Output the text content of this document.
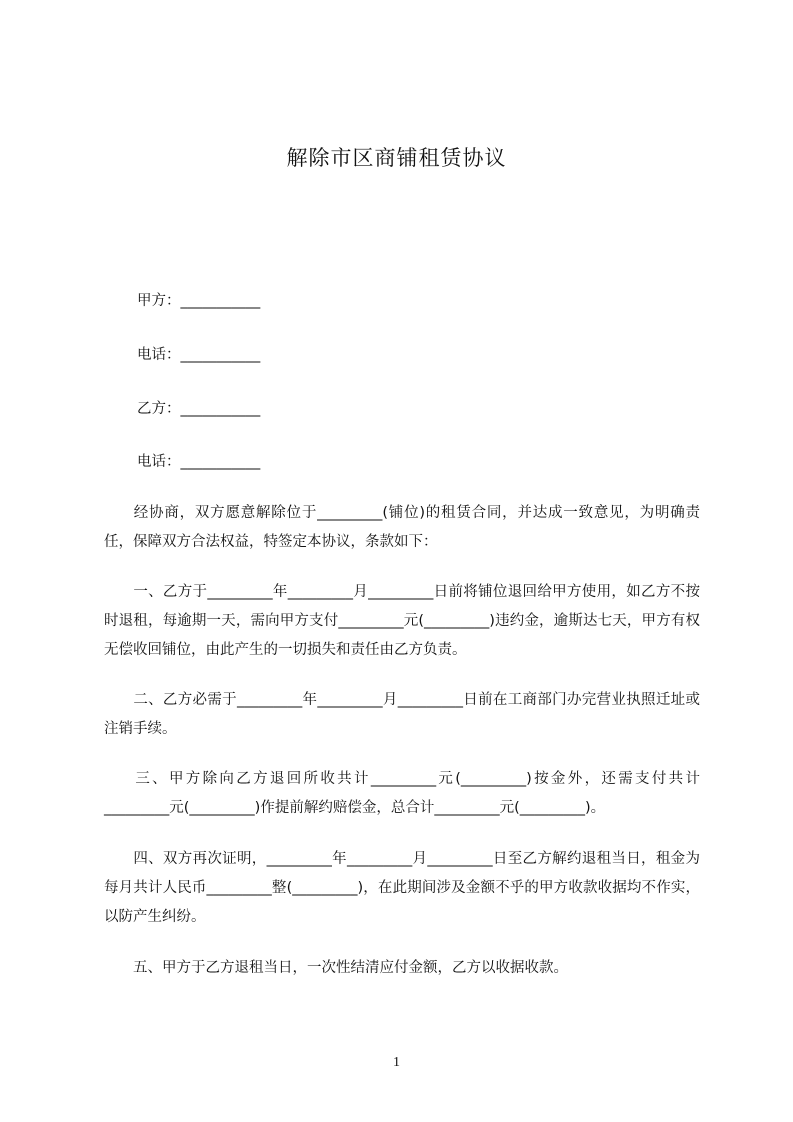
解除市区商铺租赁协议
甲方：___________
电话：___________
乙方：___________
电话：___________
经协商，双方愿意解除位于_________(铺位)的租赁合同，并达成一致意见，为明确责任，保障双方合法权益，特签定本协议，条款如下：
一、乙方于_________年_________月_________日前将铺位退回给甲方使用，如乙方不按时退租，每逾期一天，需向甲方支付_________元(_________)违约金，逾斯达七天，甲方有权无偿收回铺位，由此产生的一切损失和责任由乙方负责。
二、乙方必需于_________年_________月_________日前在工商部门办完营业执照迁址或注销手续。
三、甲方除向乙方退回所收共计_________元(_________)按金外，还需支付共计_________元(_________)作提前解约赔偿金，总合计_________元(_________)。
四、双方再次证明，_________年_________月_________日至乙方解约退租当日，租金为每月共计人民币_________整(_________)，在此期间涉及金额不乎的甲方收款收据均不作实，以防产生纠纷。
五、甲方于乙方退租当日，一次性结清应付金额，乙方以收据收款。
1
